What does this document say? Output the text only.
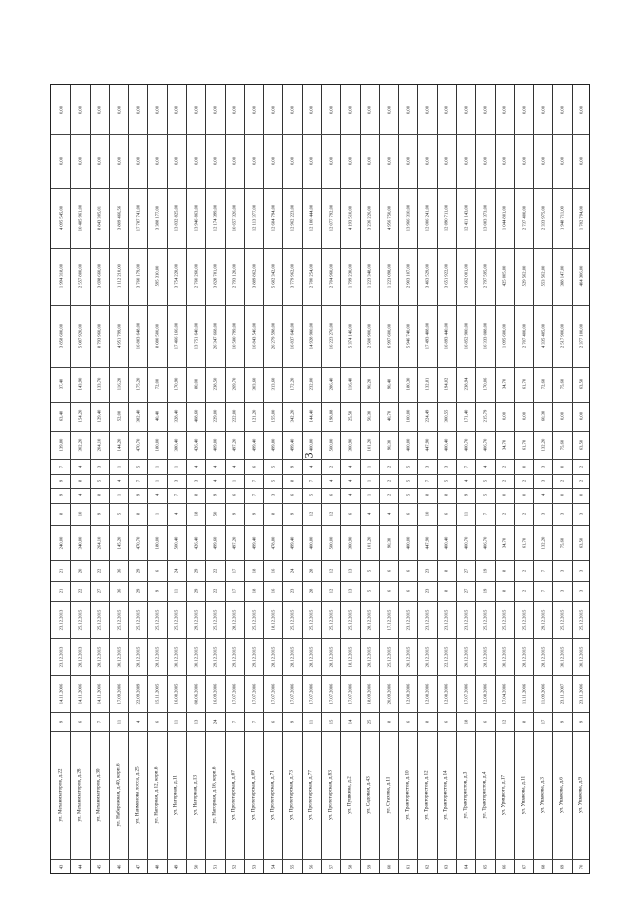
3
43
ул. Механизаторов, д.22
9
14.11.2006
23.12.2013
23.12.2013
21
21
240,00
8
9
9
7
139,80
63,40
37,40
3 858 600,00
1 994 318,00
4 095 545,00
0,00
0,00
44
ул. Механизаторов, д.28
6
14.11.2006
28.12.2013
25.12.2015
22
20
340,00
10
4
8
4
302,20
154,20
143,90
5 087 920,00
2 557 800,00
10 485 961,00
0,00
0,00
45
ул. Механизаторов, д.30
7
14.11.2006
28.12.2015
25.12.2015
27
22
264,10
9
8
5
3
204,10
129,40
133,70
8 793 960,00
3 698 660,00
8 843 305,01
0,00
0,00
46
ул. Набережная, д.40, корп.6
11
17.09.2006
30.12.2015
25.12.2015
36
36
145,20
5
1
4
1
144,20
52,00
116,20
4 951 799,00
1 112 210,00
3 809 466,56
0,00
0,00
47
ул. Наименова лосса, д.25
4
22.09.2009
28.12.2015
25.12.2015
29
29
470,70
8
9
7
5
470,70
382,40
175,20
16 803 648,00
3 760 179,00
17 787 741,00
0,00
0,00
48
ул. Нагорная, д.12, корп.6
6
15.11.2005
28.12.2015
25.12.2015
9
6
180,00
1
4
1
1
180,00
40,40
72,00
8 080 500,00
595 310,00
3 388 177,00
0,00
0,00
49
ул. Нагорная, д.11
11
16.08.2005
30.12.2015
25.12.2015
11
24
500,40
4
7
3
1
380,40
328,40
170,90
17 466 166,00
3 754 228,00
13 832 825,00
0,00
0,00
50
ул. Нагорная, д.13
13
08.06.2006
30.12.2015
29.12.2015
29
29
426,40
18
8
3
4
426,40
408,60
80,00
13 751 640,00
2 760 260,00
13 946 863,00
0,00
0,00
51
ул. Нагорная, д.16, корп.6
24
16.09.2006
29.12.2015
25.12.2015
22
22
499,60
50
9
4
4
409,00
229,00
238,50
26 347 668,00
3 828 781,00
12 174 399,00
0,00
0,00
52
ул. Пролетарская, д.67
7
17.07.2006
29.12.2015
28.12.2015
17
17
497,20
9
6
1
4
497,20
222,00
269,70
10 500 799,00
2 793 120,00
10 657 326,00
0,00
0,00
53
ул. Пролетарская, д.69
7
17.07.2006
29.12.2015
25.12.2015
18
18
499,40
9
7
7
6
499,40
121,20
303,60
16 843 546,00
3 889 862,00
12 113 377,00
0,00
0,00
54
ул. Пролетарская, д.71
6
17.07.2006
28.12.2015
18.12.2015
16
16
478,80
8
3
5
5
499,80
155,00
313,60
26 279 598,00
5 682 342,00
12 604 794,00
0,00
0,00
55
ул. Пролетарская, д.73
9
17.07.2006
28.12.2015
25.12.2015
23
24
499,40
9
6
8
9
499,40
342,20
172,20
16 837 648,00
3 779 962,00
12 962 223,00
0,00
0,00
56
ул. Пролетарская, д.77
11
17.07.2006
28.12.2015
25.12.2015
28
28
400,80
12
5
7
4
400,80
144,40
232,00
14 928 900,00
2 780 254,00
12 100 444,00
0,00
0,00
57
ул. Пролетарская, д.83
15
17.07.2006
28.12.2015
25.12.2015
12
12
500,00
12
6
4
2
500,00
198,88
286,40
16 223 276,00
2 704 960,00
12 077 792,00
0,00
0,00
58
ул. Пушкина, д.2
14
17.07.2006
18.12.2015
25.12.2015
13
13
300,90
6
4
4
4
300,90
25,50
116,40
5 374 146,00
1 799 230,00
4 193 510,00
0,00
0,00
59
ул. Садовая, д.43
25
18.09.2006
28.12.2015
28.12.2015
5
5
101,20
4
1
1
1
101,20
50,30
90,20
2 500 900,00
1 223 348,00
3 236 226,00
0,00
0,00
60
ул. Стахова, д.11
8
20.09.2006
25.12.2015
17.12.2015
6
6
90,30
4
2
2
2
90,30
40,70
90,40
6 997 600,00
1 223 098,00
4 956 750,00
0,00
0,00
61
ул. Трактористов, д.10
6
12.08.2006
20.12.2015
23.12.2015
6
6
400,00
6
5
5
5
400,00
100,00
180,30
5 946 740,00
2 903 107,00
13 966 310,00
0,00
0,00
62
ул. Трактористов, д.12
8
12.08.2006
20.12.2015
23.12.2015
23
23
447,90
10
8
7
3
447,90
224,49
132,81
17 493 488,00
3 463 529,00
12 006 241,00
0,00
0,00
63
ул. Трактористов, д.14
6
12.08.2006
22.12.2015
23.12.2015
8
8
400,40
6
8
5
3
400,40
300,55
194,02
16 893 440,00
3 651 922,00
12 090 711,00
0,00
0,00
64
ул. Трактористов, д.3
18
17.07.2006
20.12.2015
23.12.2015
27
27
400,70
11
9
4
7
400,70
171,40
238,94
16 852 900,00
3 662 001,00
12 411 143,00
0,00
0,00
65
ул. Трактористов, д.4
6
12.08.2006
28.12.2015
25.12.2015
19
19
406,70
7
5
5
4
406,70
215,79
170,06
16 333 088,00
2 797 595,00
13 003 373,00
0,00
0,00
66
ул. Урицкого, д.17
12
17.04.2006
30.12.2015
25.12.2015
8
8
34,70
2
0
2
2
34,70
0,00
34,70
1 095 600,00
425 005,00
1 044 801,00
0,00
0,00
67
ул. Ушакова, д.11
8
11.11.2006
28.12.2015
25.12.2015
2
2
61,70
2
0
2
0
61,70
0,00
61,70
2 707 400,00
529 562,00
2 737 400,00
0,00
0,00
68
ул. Ушакова, д.3
17
11.09.2006
28.12.2015
29.12.2015
7
7
132,20
3
4
3
3
132,20
60,30
72,60
4 335 485,00
553 562,00
2 333 975,00
0,00
0,00
69
ул. Ушакова, д.6
9
23.11.2007
30.12.2015
25.12.2015
3
3
75,60
3
0
2
0
75,60
0,00
75,60
2 517 900,00
388 147,00
1 948 711,00
0,00
0,00
70
ул. Ушакова, д.9
9
23.11.2006
30.12.2015
25.12.2015
3
3
63,50
3
0
2
2
63,50
0,00
63,50
2 377 100,00
404 306,00
1 782 794,00
0,00
0,00
